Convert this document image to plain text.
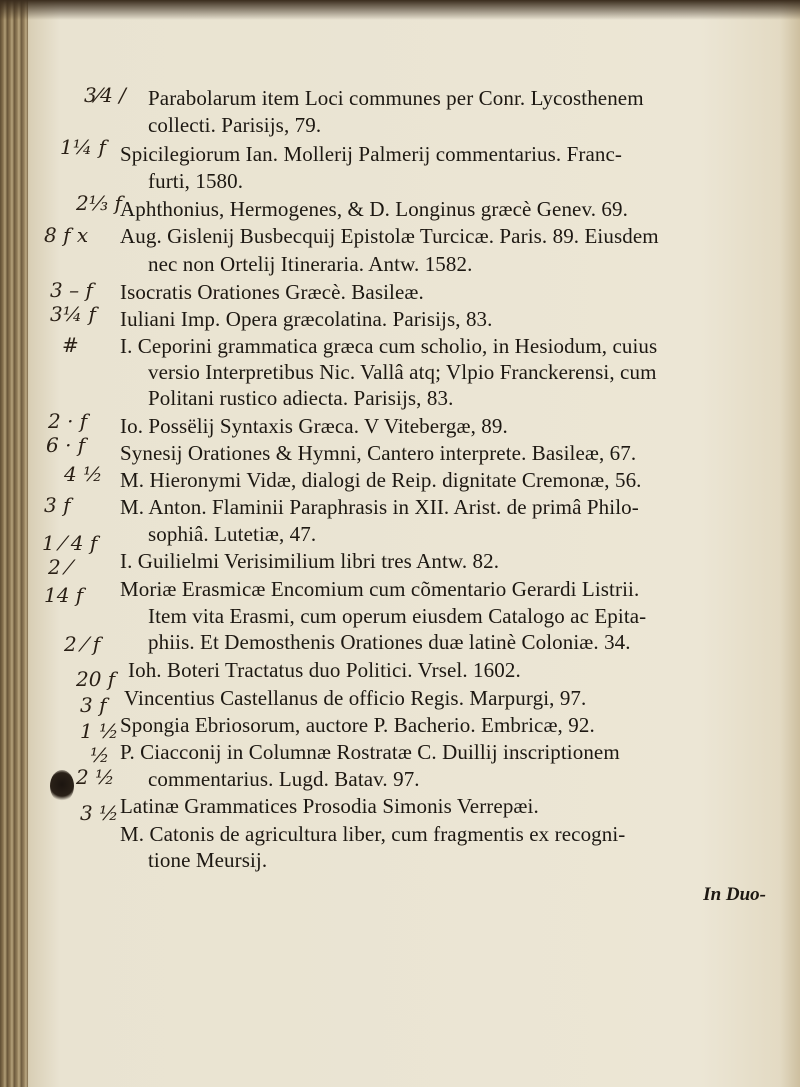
Parabolarum item Loci communes per Conr. Lycosthenem
collecti. Parisijs, 79.
Spicilegiorum Ian. Mollerij Palmerij commentarius. Franc-
furti, 1580.
Aphthonius, Hermogenes, & D. Longinus græcè Genev. 69.
Aug. Gislenij Busbecquij Epistolæ Turcicæ. Paris. 89. Eiusdem
nec non Ortelij Itineraria. Antw. 1582.
Isocratis Orationes Græcè. Basileæ.
Iuliani Imp. Opera græcolatina. Parisijs, 83.
I. Ceporini grammatica græca cum scholio, in Hesiodum, cuius
versio Interpretibus Nic. Vallâ atq; Vlpio Franckerensi, cum
Politani rustico adiecta. Parisijs, 83.
Io. Possëlij Syntaxis Græca. V Vitebergæ, 89.
Synesij Orationes & Hymni, Cantero interprete. Basileæ, 67.
M. Hieronymi Vidæ, dialogi de Reip. dignitate Cremonæ, 56.
M. Anton. Flaminii Paraphrasis in XII. Arist. de primâ Philo-
sophiâ. Lutetiæ, 47.
I. Guilielmi Verisimilium libri tres Antw. 82.
Moriæ Erasmicæ Encomium cum cõmentario Gerardi Listrii.
Item vita Erasmi, cum operum eiusdem Catalogo ac Epita-
phiis. Et Demosthenis Orationes duæ latinè Coloniæ. 34.
Ioh. Boteri Tractatus duo Politici. Vrsel. 1602.
Vincentius Castellanus de officio Regis. Marpurgi, 97.
Spongia Ebriosorum, auctore P. Bacherio. Embricæ, 92.
P. Ciacconij in Columnæ Rostratæ C. Duillij inscriptionem
commentarius. Lugd. Batav. 97.
Latinæ Grammatices Prosodia Simonis Verrepæi.
M. Catonis de agricultura liber, cum fragmentis ex recogni-
tione Meursij.
3⁄4 /
1¼ f
2⅓ f
8 f x
3 – f
3¼ f
#
2 · f
6 · f
4 ½
3 f
1 ⁄ 4 f
2 ⁄
14 f
2 ⁄ f
20 f
3 f
1 ½
½
2 ½
3 ½
In Duo-
